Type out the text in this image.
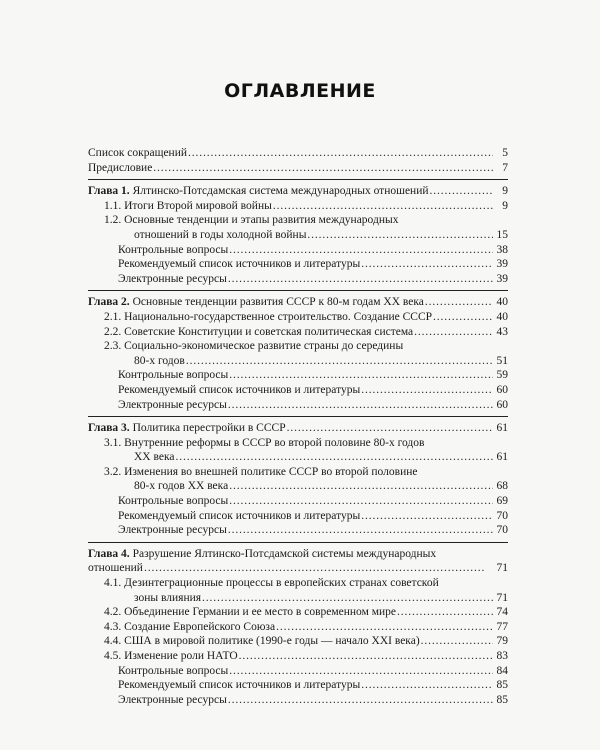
ОГЛАВЛЕНИЕ
Список сокращений . . .	5
Предисловие . . .	7
Глава 1. Ялтинско-Потсдамская система международных отношений . . .	9
1.1. Итоги Второй мировой войны . . .	9
1.2. Основные тенденции и этапы развития международных
отношений в годы холодной войны . . .	15
Контрольные вопросы . . .	38
Рекомендуемый список источников и литературы . . .	39
Электронные ресурсы . . .	39
Глава 2. Основные тенденции развития СССР к 80-м годам XX века . . .	40
2.1. Национально-государственное строительство. Создание СССР . . .	40
2.2. Советские Конституции и советская политическая система . . .	43
2.3. Социально-экономическое развитие страны до середины
80-х годов . . .	51
Контрольные вопросы . . .	59
Рекомендуемый список источников и литературы . . .	60
Электронные ресурсы . . .	60
Глава 3. Политика перестройки в СССР . . .	61
3.1. Внутренние реформы в СССР во второй половине 80-х годов
XX века . . .	61
3.2. Изменения во внешней политике СССР во второй половине
80-х годов XX века . . .	68
Контрольные вопросы . . .	69
Рекомендуемый список источников и литературы . . .	70
Электронные ресурсы . . .	70
Глава 4. Разрушение Ялтинско-Потсдамской системы международных
отношений . . .	71
4.1. Дезинтеграционные процессы в европейских странах советской
зоны влияния . . .	71
4.2. Объединение Германии и ее место в современном мире . . .	74
4.3. Создание Европейского Союза . . .	77
4.4. США в мировой политике (1990-е годы — начало XXI века) . . .	79
4.5. Изменение роли НАТО . . .	83
Контрольные вопросы . . .	84
Рекомендуемый список источников и литературы . . .	85
Электронные ресурсы . . .	85
